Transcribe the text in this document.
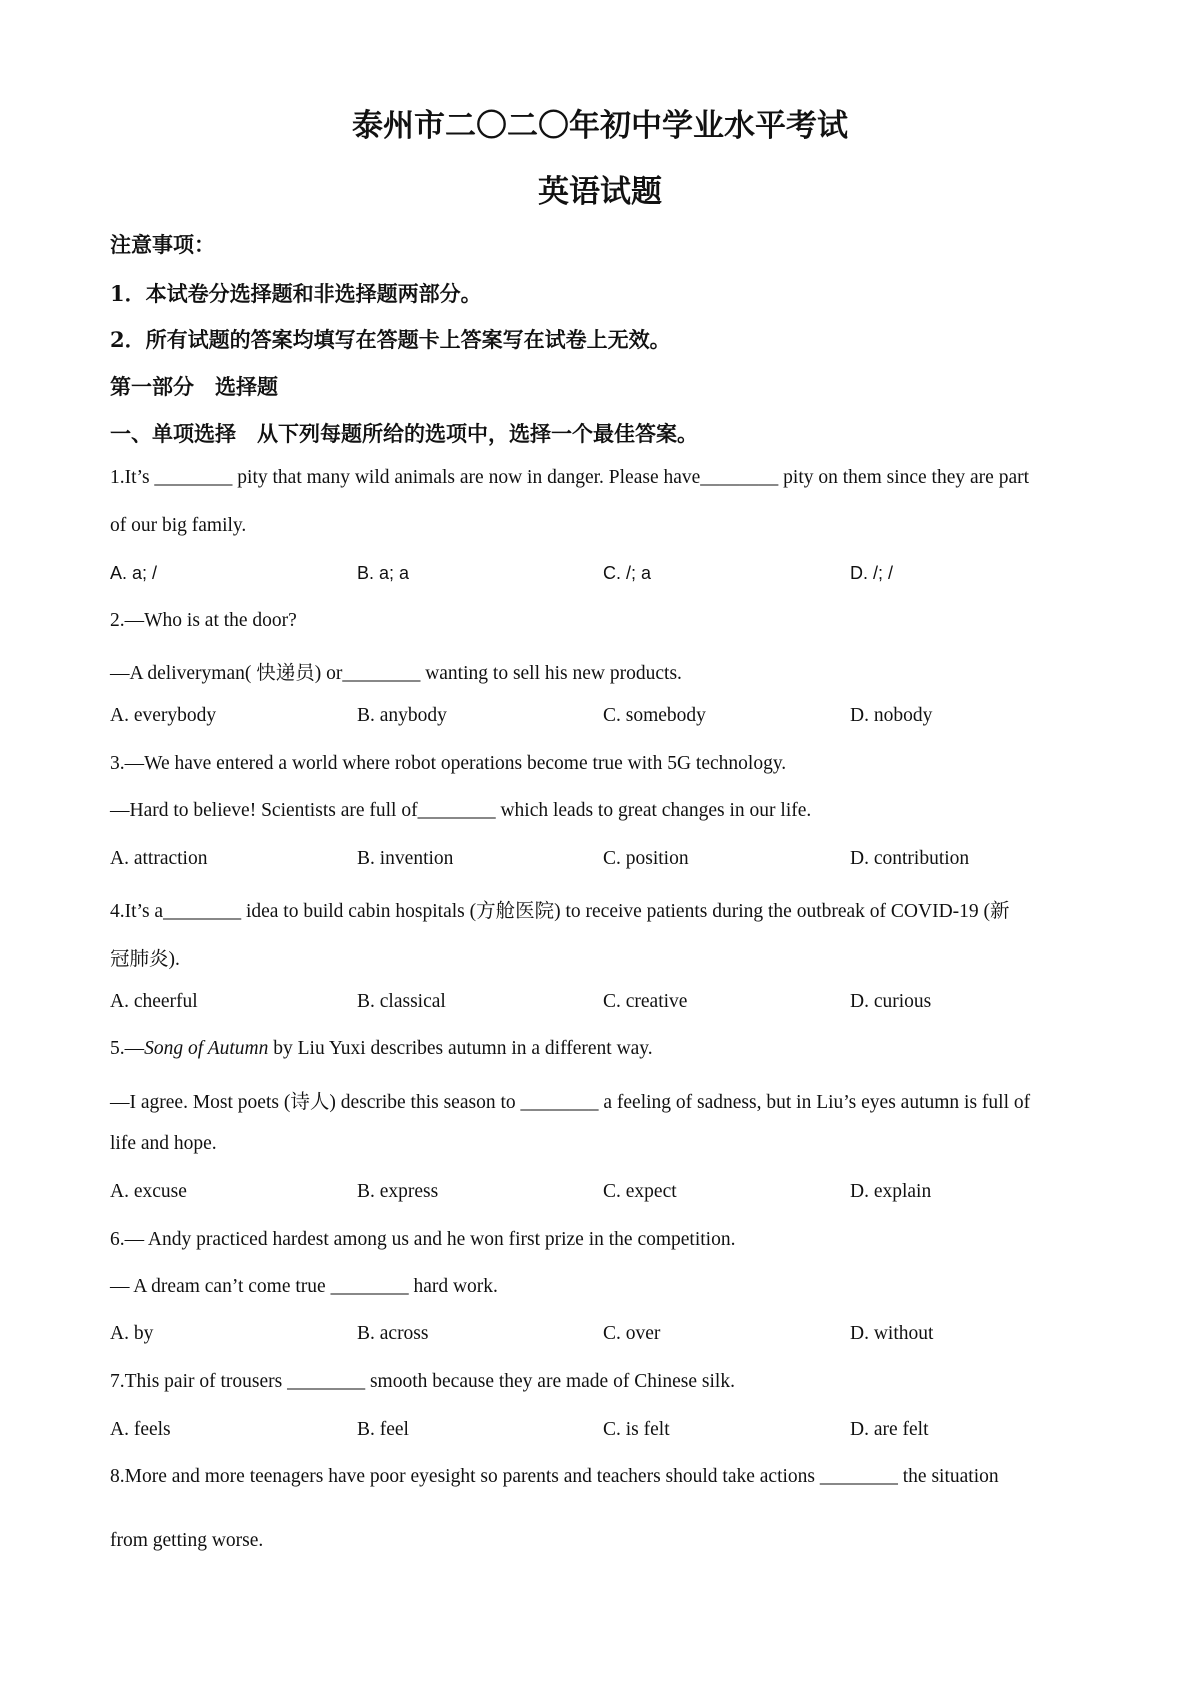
泰州市二〇二〇年初中学业水平考试
英语试题
注意事项：
1．本试卷分选择题和非选择题两部分。
2．所有试题的答案均填写在答题卡上答案写在试卷上无效。
第一部分　选择题
一、单项选择　从下列每题所给的选项中，选择一个最佳答案。
1.It’s ________ pity that many wild animals are now in danger. Please have________ pity on them since they are part
of our big family.
A. a; /	B. a; a	C. /; a	D. /; /
2.—Who is at the door?
—A deliveryman( 快递员) or________ wanting to sell his new products.
A. everybody	B. anybody	C. somebody	D. nobody
3.—We have entered a world where robot operations become true with 5G technology.
—Hard to believe! Scientists are full of________ which leads to great changes in our life.
A. attraction	B. invention	C. position	D. contribution
4.It’s a________ idea to build cabin hospitals (方舱医院) to receive patients during the outbreak of COVID-19 (新
冠肺炎).
A. cheerful	B. classical	C. creative	D. curious
5.—Song of Autumn by Liu Yuxi describes autumn in a different way.
—I agree. Most poets (诗人) describe this season to ________ a feeling of sadness, but in Liu’s eyes autumn is full of
life and hope.
A. excuse	B. express	C. expect	D. explain
6.— Andy practiced hardest among us and he won first prize in the competition.
— A dream can’t come true ________ hard work.
A. by	B. across	C. over	D. without
7.This pair of trousers ________ smooth because they are made of Chinese silk.
A. feels	B. feel	C. is felt	D. are felt
8.More and more teenagers have poor eyesight so parents and teachers should take actions ________ the situation
from getting worse.
